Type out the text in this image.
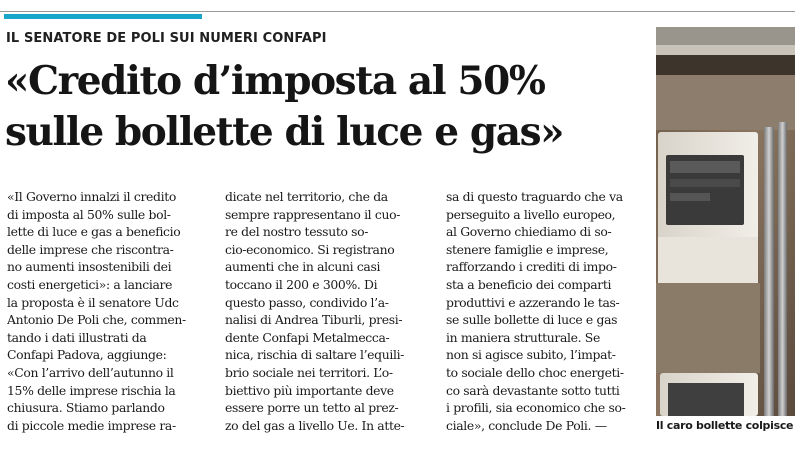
IL SENATORE DE POLI SUI NUMERI CONFAPI
«Credito d’imposta al 50%
sulle bollette di luce e gas»
«Il Governo innalzi il credito
di imposta al 50% sulle bol-
lette di luce e gas a beneficio
delle imprese che riscontra-
no aumenti insostenibili dei
costi energetici»: a lanciare
la proposta è il senatore Udc
Antonio De Poli che, commen-
tando i dati illustrati da
Confapi Padova, aggiunge:
«Con l’arrivo dell’autunno il
15% delle imprese rischia la
chiusura. Stiamo parlando
di piccole medie imprese ra-
dicate nel territorio, che da
sempre rappresentano il cuo-
re del nostro tessuto so-
cio-economico. Si registrano
aumenti che in alcuni casi
toccano il 200 e 300%. Di
questo passo, condivido l’a-
nalisi di Andrea Tiburli, presi-
dente Confapi Metalmecca-
nica, rischia di saltare l’equili-
brio sociale nei territori. L’o-
biettivo più importante deve
essere porre un tetto al prez-
zo del gas a livello Ue. In atte-
sa di questo traguardo che va
perseguito a livello europeo,
al Governo chiediamo di so-
stenere famiglie e imprese,
rafforzando i crediti di impo-
sta a beneficio dei comparti
produttivi e azzerando le tas-
se sulle bollette di luce e gas
in maniera strutturale. Se
non si agisce subito, l’impat-
to sociale dello choc energeti-
co sarà devastante sotto tutti
i profili, sia economico che so-
ciale», conclude De Poli. —	Il caro bollette colpisce
